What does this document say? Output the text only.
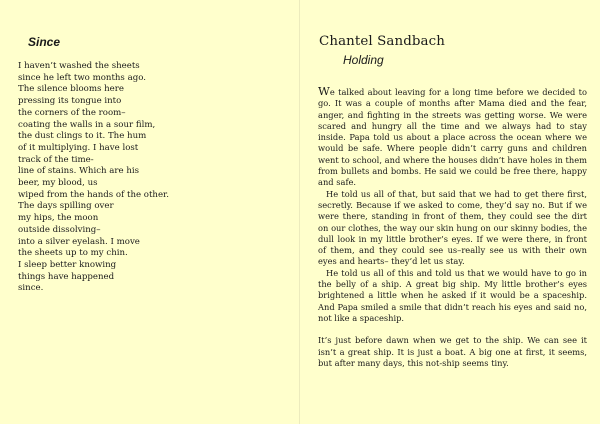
Since
I haven’t washed the sheets
since he left two months ago.
The silence blooms here
pressing its tongue into
the corners of the room–
coating the walls in a sour film,
the dust clings to it. The hum
of it multiplying. I have lost
track of the time-
line of stains. Which are his
beer, my blood, us
wiped from the hands of the other.
The days spilling over
my hips, the moon
outside dissolving–
into a silver eyelash. I move
the sheets up to my chin.
I sleep better knowing
things have happened
since.
Chantel Sandbach
Holding

We talked about leaving for a long time before we decided to go. It was a couple of months after Mama died and the fear, anger, and fighting in the streets was getting worse. We were scared and hungry all the time and we always had to stay inside. Papa told us about a place across the ocean where we would be safe. Where people didn’t carry guns and children went to school, and where the houses didn’t have holes in them from bullets and bombs. He said we could be free there, happy and safe.

He told us all of that, but said that we had to get there first, secretly. Because if we asked to come, they’d say no. But if we were there, standing in front of them, they could see the dirt on our clothes, the way our skin hung on our skinny bodies, the dull look in my little brother’s eyes. If we were there, in front of them, and they could see us–really see us with their own eyes and hearts– they’d let us stay.

He told us all of this and told us that we would have to go in the belly of a ship. A great big ship. My little brother’s eyes brightened a little when he asked if it would be a spaceship. And Papa smiled a smile that didn’t reach his eyes and said no, not like a spaceship.

It’s just before dawn when we get to the ship. We can see it isn’t a great ship. It is just a boat. A big one at first, it seems, but after many days, this not-ship seems tiny.
